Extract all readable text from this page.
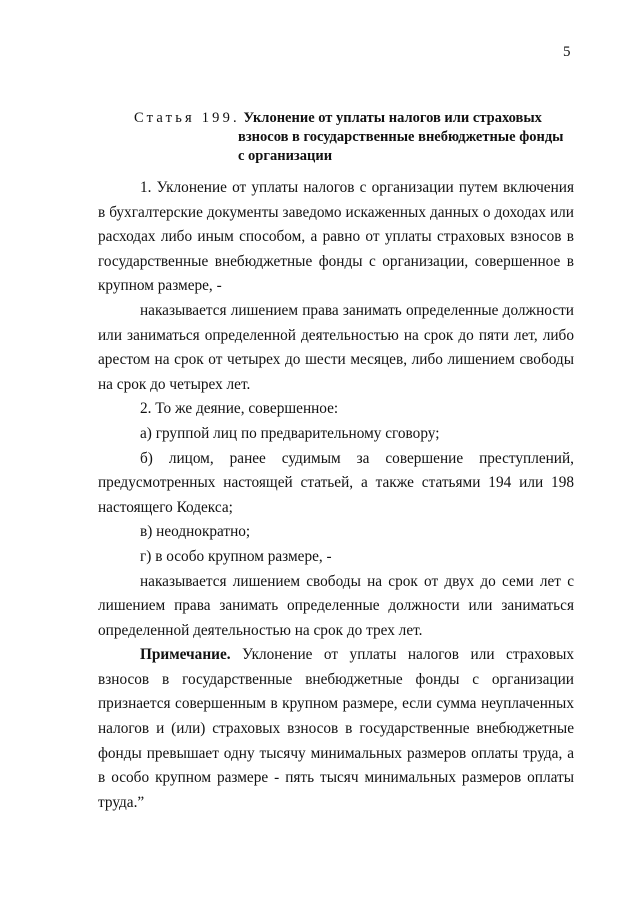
5
Статья 199. Уклонение от уплаты налогов или страховых
взносов в государственные внебюджетные фонды
с организации

1. Уклонение от уплаты налогов с организации путем включения в бухгалтерские документы заведомо искаженных данных о доходах или расходах либо иным способом, а равно от уплаты страховых взносов в государственные внебюджетные фонды с организации, совершенное в крупном размере, -

наказывается лишением права занимать определенные должности или заниматься определенной деятельностью на срок до пяти лет, либо арестом на срок от четырех до шести месяцев, либо лишением свободы на срок до четырех лет.

2. То же деяние, совершенное:

а) группой лиц по предварительному сговору;

б) лицом, ранее судимым за совершение преступлений, предусмотренных настоящей статьей, а также статьями 194 или 198 настоящего Кодекса;

в) неоднократно;

г) в особо крупном размере, -

наказывается лишением свободы на срок от двух до семи лет с лишением права занимать определенные должности или заниматься определенной деятельностью на срок до трех лет.

Примечание. Уклонение от уплаты налогов или страховых взносов в государственные внебюджетные фонды с организации признается совершенным в крупном размере, если сумма неуплаченных налогов и (или) страховых взносов в государственные внебюджетные фонды превышает одну тысячу минимальных размеров оплаты труда, а в особо крупном размере - пять тысяч минимальных размеров оплаты труда.”
